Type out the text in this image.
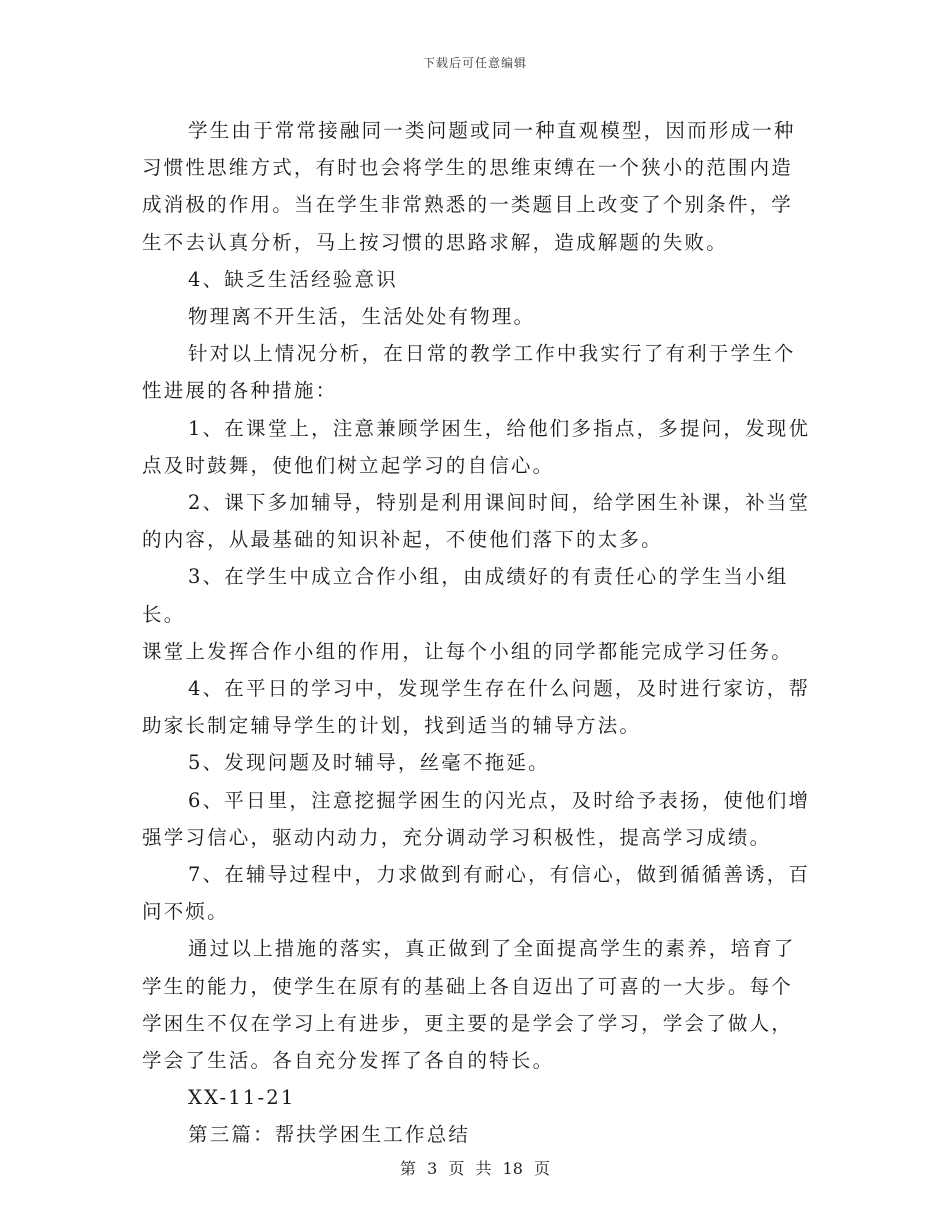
下载后可任意编辑

学生由于常常接融同一类问题或同一种直观模型，因而形成一种
习惯性思维方式，有时也会将学生的思维束缚在一个狭小的范围内造
成消极的作用。当在学生非常熟悉的一类题目上改变了个别条件，学
生不去认真分析，马上按习惯的思路求解，造成解题的失败。

4、缺乏生活经验意识

物理离不开生活，生活处处有物理。

针对以上情况分析，在日常的教学工作中我实行了有利于学生个
性进展的各种措施：

1、在课堂上，注意兼顾学困生，给他们多指点，多提问，发现优
点及时鼓舞，使他们树立起学习的自信心。

2、课下多加辅导，特别是利用课间时间，给学困生补课，补当堂
的内容，从最基础的知识补起，不使他们落下的太多。

3、在学生中成立合作小组，由成绩好的有责任心的学生当小组长。
课堂上发挥合作小组的作用，让每个小组的同学都能完成学习任务。

4、在平日的学习中，发现学生存在什么问题，及时进行家访，帮
助家长制定辅导学生的计划，找到适当的辅导方法。

5、发现问题及时辅导，丝毫不拖延。

6、平日里，注意挖掘学困生的闪光点，及时给予表扬，使他们增
强学习信心，驱动内动力，充分调动学习积极性，提高学习成绩。

7、在辅导过程中，力求做到有耐心，有信心，做到循循善诱，百
问不烦。

通过以上措施的落实，真正做到了全面提高学生的素养，培育了
学生的能力，使学生在原有的基础上各自迈出了可喜的一大步。每个
学困生不仅在学习上有进步，更主要的是学会了学习，学会了做人，
学会了生活。各自充分发挥了各自的特长。

XX-11-21

第三篇：帮扶学困生工作总结

第 3 页 共 18 页
